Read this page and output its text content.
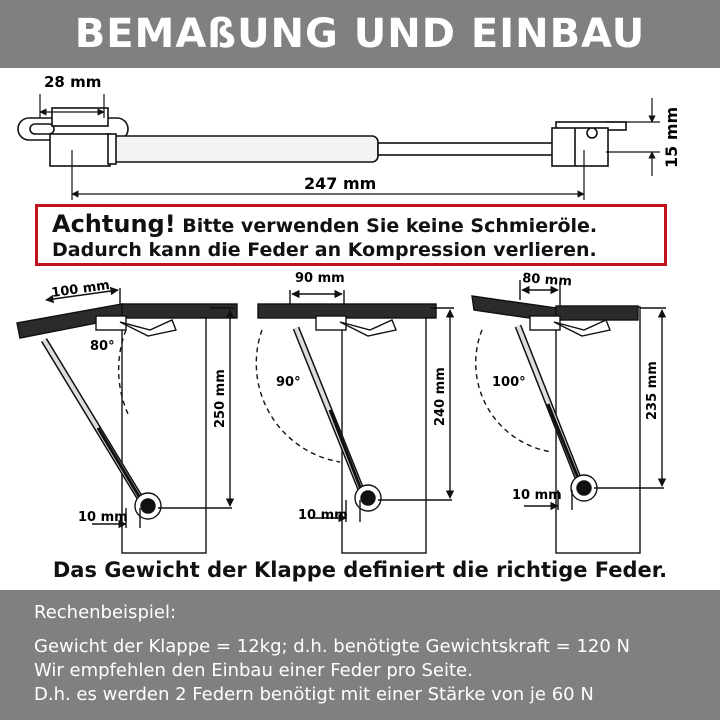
BEMAßUNG UND EINBAU
28 mm
247 mm
15 mm
100 mm
80°
250 mm
10 mm
90 mm
90°	240 mm
10 mm
80 mm
100°	235 mm
10 mm
Achtung! Bitte verwenden Sie keine Schmieröle.
Dadurch kann die Feder an Kompression verlieren.
Das Gewicht der Klappe definiert die richtige Feder.
Rechenbeispiel:
Gewicht der Klappe = 12kg; d.h. benötigte Gewichtskraft = 120 N
Wir empfehlen den Einbau einer Feder pro Seite.
D.h. es werden 2 Federn benötigt mit einer Stärke von je 60 N
